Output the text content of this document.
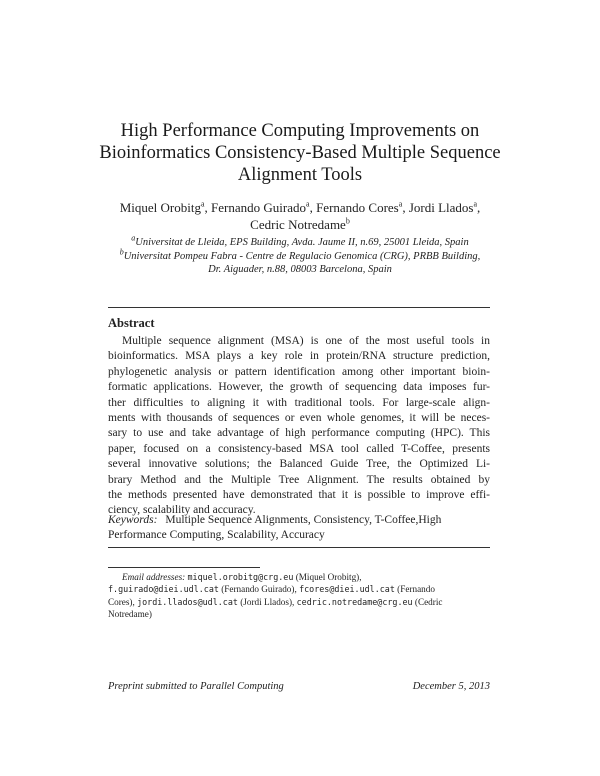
High Performance Computing Improvements on
Bioinformatics Consistency-Based Multiple Sequence
Alignment Tools
Miquel Orobitg$^a$, Fernando Guirado$^a$, Fernando Cores$^a$, Jordi Llados$^a$,
Cedric Notredame$^b$
$^a$Universitat de Lleida, EPS Building, Avda. Jaume II, n.69, 25001 Lleida, Spain
$^b$Universitat Pompeu Fabra - Centre de Regulacio Genomica (CRG), PRBB Building,
Dr. Aiguader, n.88, 08003 Barcelona, Spain
Abstract
Multiple sequence alignment (MSA) is one of the most useful tools in
bioinformatics. MSA plays a key role in protein/RNA structure prediction,
phylogenetic analysis or pattern identification among other important bioin-
formatic applications. However, the growth of sequencing data imposes fur-
ther difficulties to aligning it with traditional tools. For large-scale align-
ments with thousands of sequences or even whole genomes, it will be neces-
sary to use and take advantage of high performance computing (HPC). This
paper, focused on a consistency-based MSA tool called T-Coffee, presents
several innovative solutions; the Balanced Guide Tree, the Optimized Li-
brary Method and the Multiple Tree Alignment. The results obtained by
the methods presented have demonstrated that it is possible to improve effi-
ciency, scalability and accuracy.
Keywords: Multiple Sequence Alignments, Consistency, T-Coffee,High
Performance Computing, Scalability, Accuracy
Email addresses: miquel.orobitg@crg.eu (Miquel Orobitg),
f.guirado@diei.udl.cat (Fernando Guirado), fcores@diei.udl.cat (Fernando
Cores), jordi.llados@udl.cat (Jordi Llados), cedric.notredame@crg.eu (Cedric
Notredame)
Preprint submitted to Parallel Computing	December 5, 2013
